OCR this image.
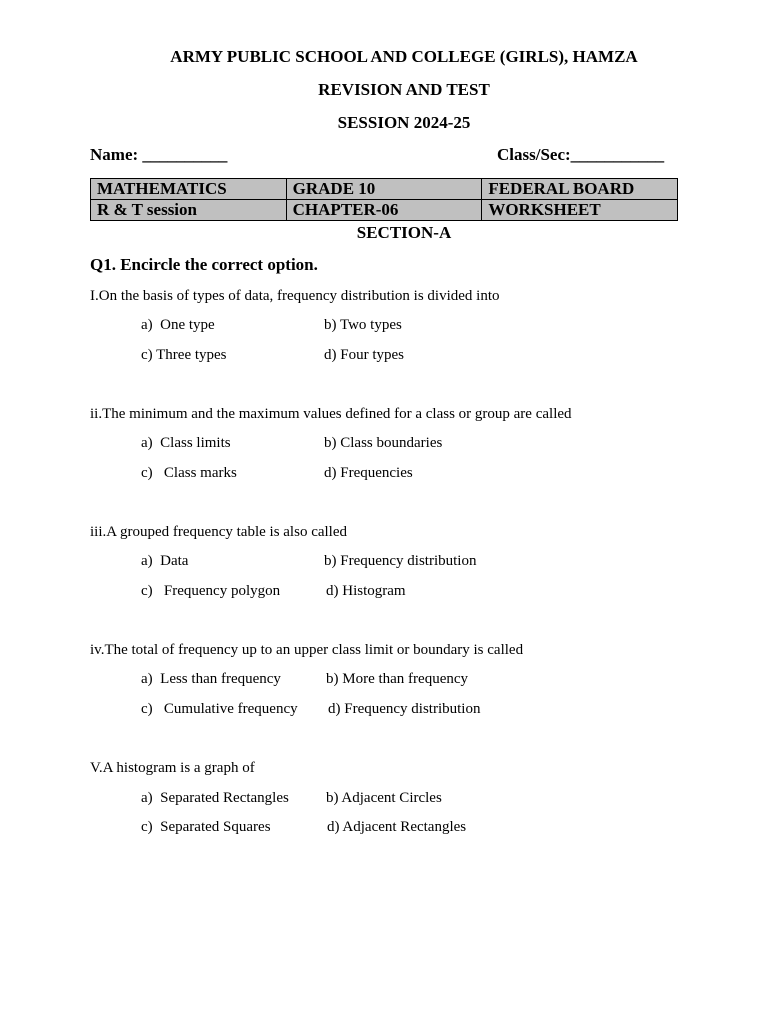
ARMY PUBLIC SCHOOL AND COLLEGE (GIRLS), HAMZA
REVISION AND TEST
SESSION 2024-25
Name: __________	Class/Sec:___________
MATHEMATICS	GRADE 10	FEDERAL BOARD
R & T session	CHAPTER-06	WORKSHEET
SECTION-A
Q1. Encircle the correct option.
I.On the basis of types of data, frequency distribution is divided into
a)  One type	b) Two types
c) Three types	d) Four types
ii.The minimum and the maximum values defined for a class or group are called
a)  Class limits	b) Class boundaries
c)   Class marks	d) Frequencies
iii.A grouped frequency table is also called
a)  Data	b) Frequency distribution
c)   Frequency polygon	d) Histogram
iv.The total of frequency up to an upper class limit or boundary is called
a)  Less than frequency	b) More than frequency
c)   Cumulative frequency d) Frequency distribution
V.A histogram is a graph of
a)  Separated Rectangles b) Adjacent Circles
c)  Separated Squares	d) Adjacent Rectangles
